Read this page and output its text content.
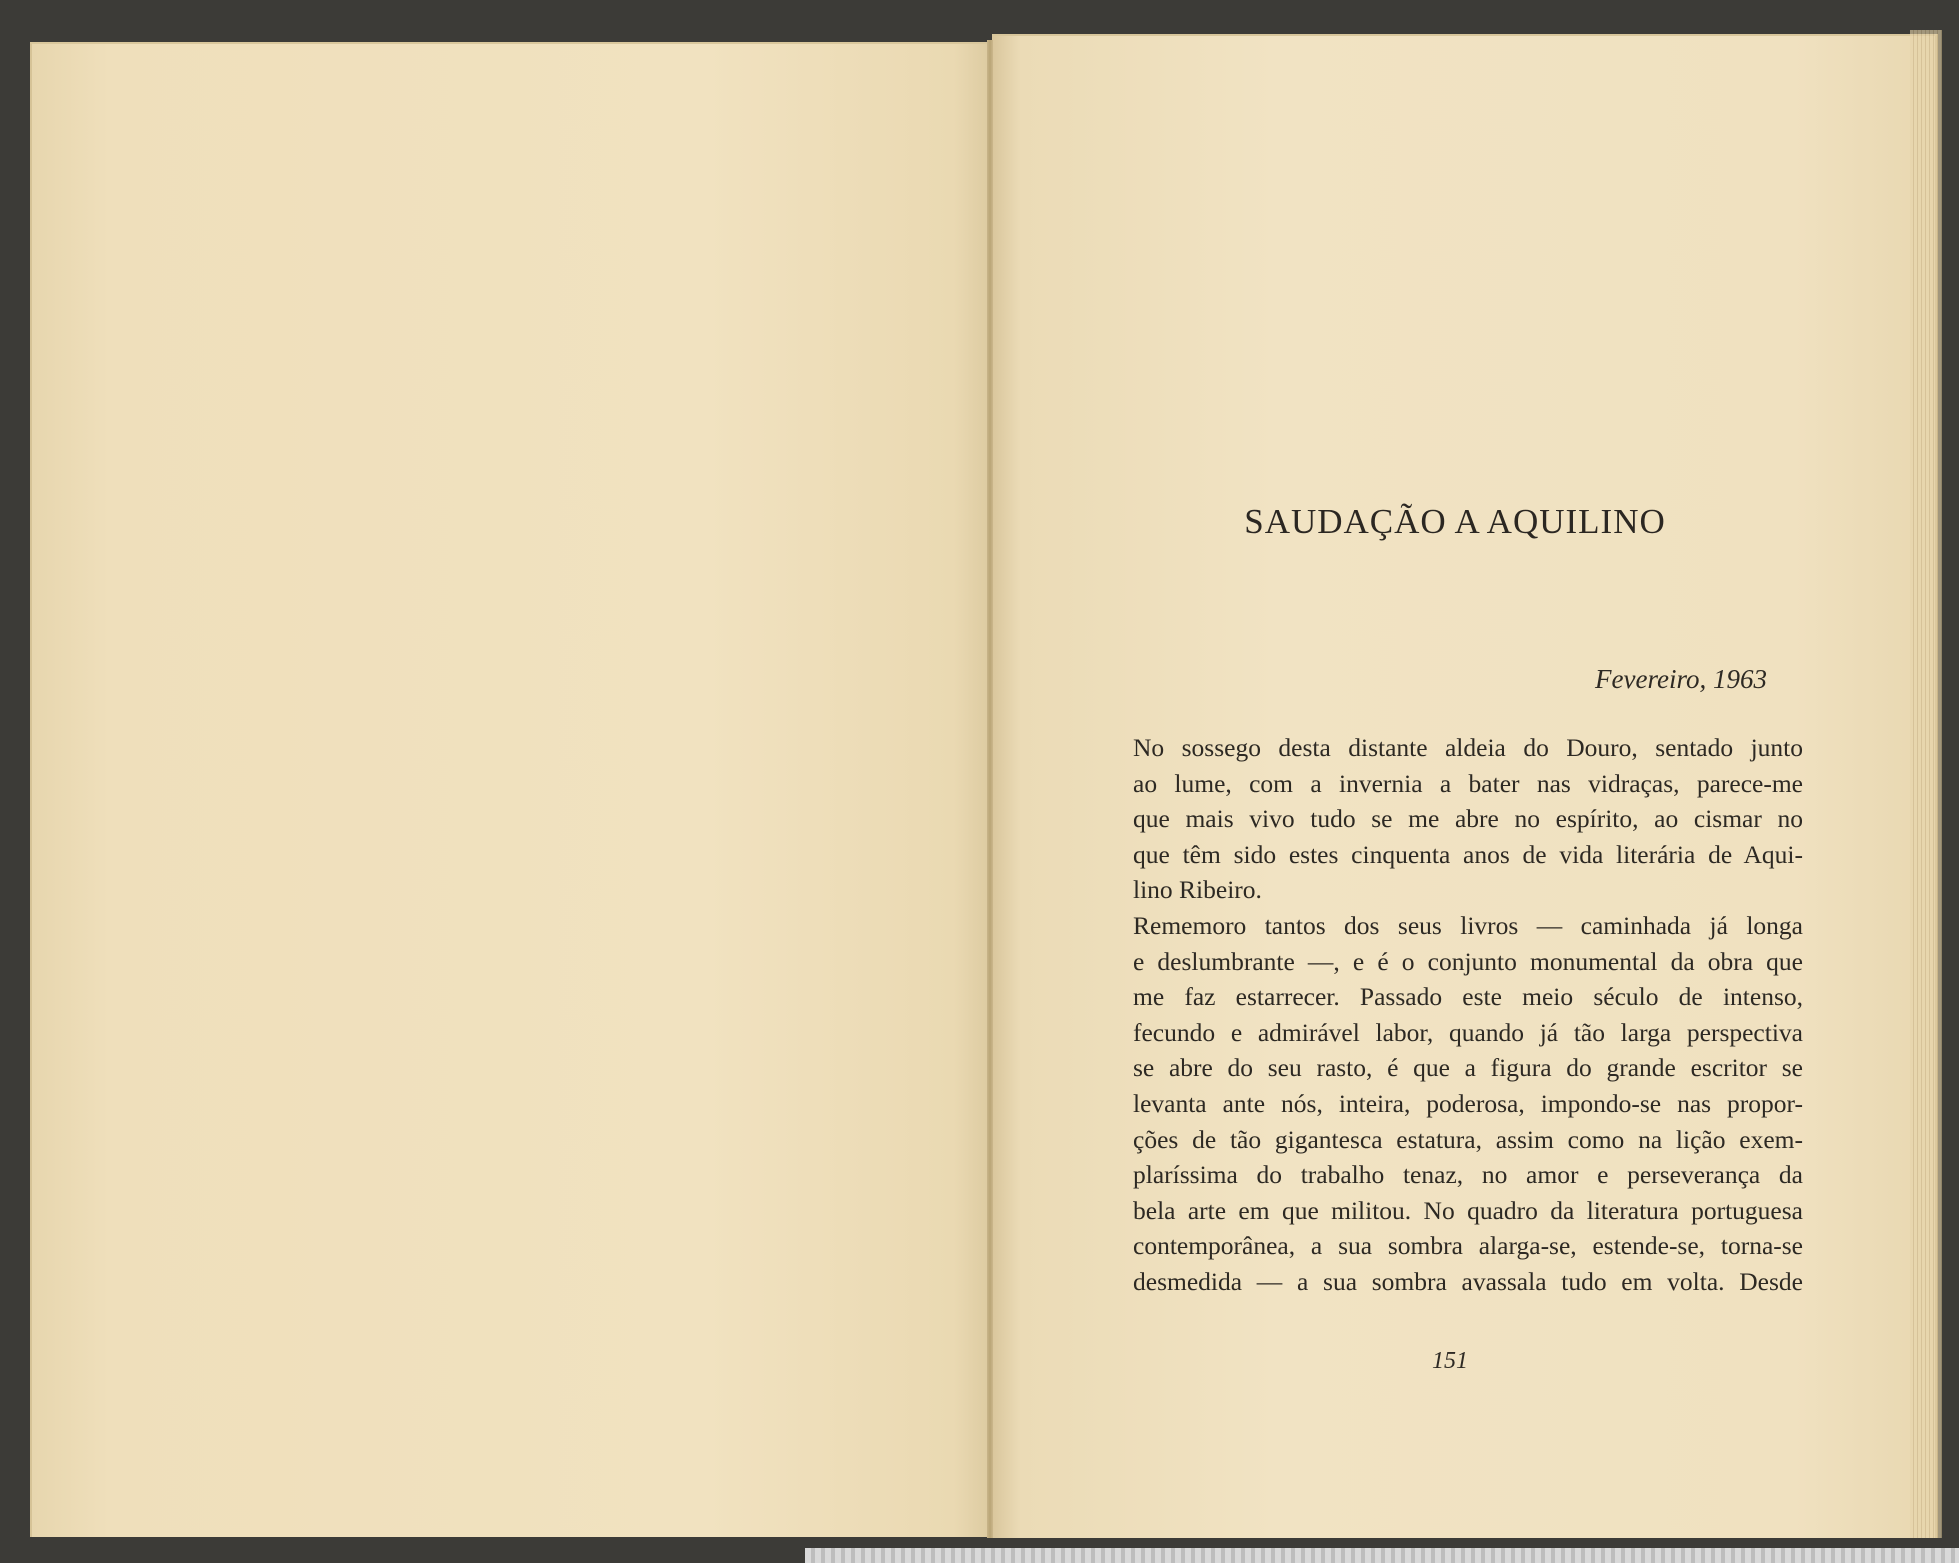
SAUDAÇÃO A AQUILINO
Fevereiro, 1963

No sossego desta distante aldeia do Douro, sentado junto
ao lume, com a invernia a bater nas vidraças, parece-me
que mais vivo tudo se me abre no espírito, ao cismar no
que têm sido estes cinquenta anos de vida literária de Aqui-
lino Ribeiro.

Rememoro tantos dos seus livros — caminhada já longa
e deslumbrante —, e é o conjunto monumental da obra que
me faz estarrecer. Passado este meio século de intenso,
fecundo e admirável labor, quando já tão larga perspectiva
se abre do seu rasto, é que a figura do grande escritor se
levanta ante nós, inteira, poderosa, impondo-se nas propor-
ções de tão gigantesca estatura, assim como na lição exem-
plaríssima do trabalho tenaz, no amor e perseverança da
bela arte em que militou. No quadro da literatura portuguesa
contemporânea, a sua sombra alarga-se, estende-se, torna-se
desmedida — a sua sombra avassala tudo em volta. Desde

151
